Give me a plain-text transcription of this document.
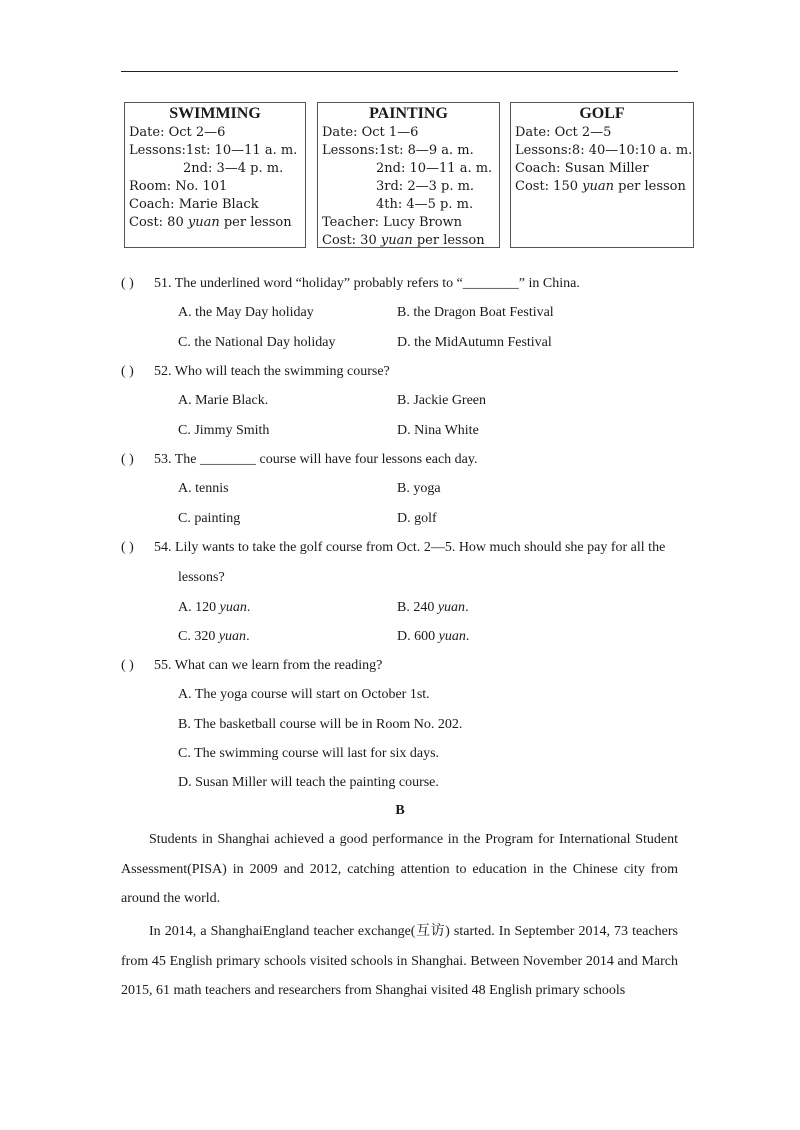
SWIMMING
Date: Oct 2—6
Lessons:1st: 10—11 a. m.
2nd: 3—4 p. m.
Room: No. 101
Coach: Marie Black
Cost: 80 yuan per lesson
PAINTING
Date: Oct 1—6
Lessons:1st: 8—9 a. m.
2nd: 10—11 a. m.
3rd: 2—3 p. m.
4th: 4—5 p. m.
Teacher: Lucy Brown
Cost: 30 yuan per lesson
GOLF
Date: Oct 2—5
Lessons:8: 40—10:10 a. m.
Coach: Susan Miller
Cost: 150 yuan per lesson
( ) 51. The underlined word “holiday” probably refers to “________” in China.
A. the May Day holiday	B. the Dragon Boat Festival
C. the National Day holiday	D. the MidAutumn Festival
( ) 52. Who will teach the swimming course?
A. Marie Black.	B. Jackie Green
C. Jimmy Smith	D. Nina White
( ) 53. The ________ course will have four lessons each day.
A. tennis	B. yoga
C. painting	D. golf
( ) 54. Lily wants to take the golf course from Oct. 2—5. How much should she pay for all the
lessons?
A. 120 yuan.	B. 240 yuan.
C. 320 yuan.	D. 600 yuan.
( ) 55. What can we learn from the reading?
A. The yoga course will start on October 1st.
B. The basketball course will be in Room No. 202.
C. The swimming course will last for six days.
D. Susan Miller will teach the painting course.
B
Students in Shanghai achieved a good performance in the Program for International Student Assessment(PISA) in 2009 and 2012, catching attention to education in the Chinese city from around the world.
In 2014, a ShanghaiEngland teacher exchange(互访) started. In September 2014, 73 teachers from 45 English primary schools visited schools in Shanghai. Between November 2014 and March 2015, 61 math teachers and researchers from Shanghai visited 48 English primary schools
